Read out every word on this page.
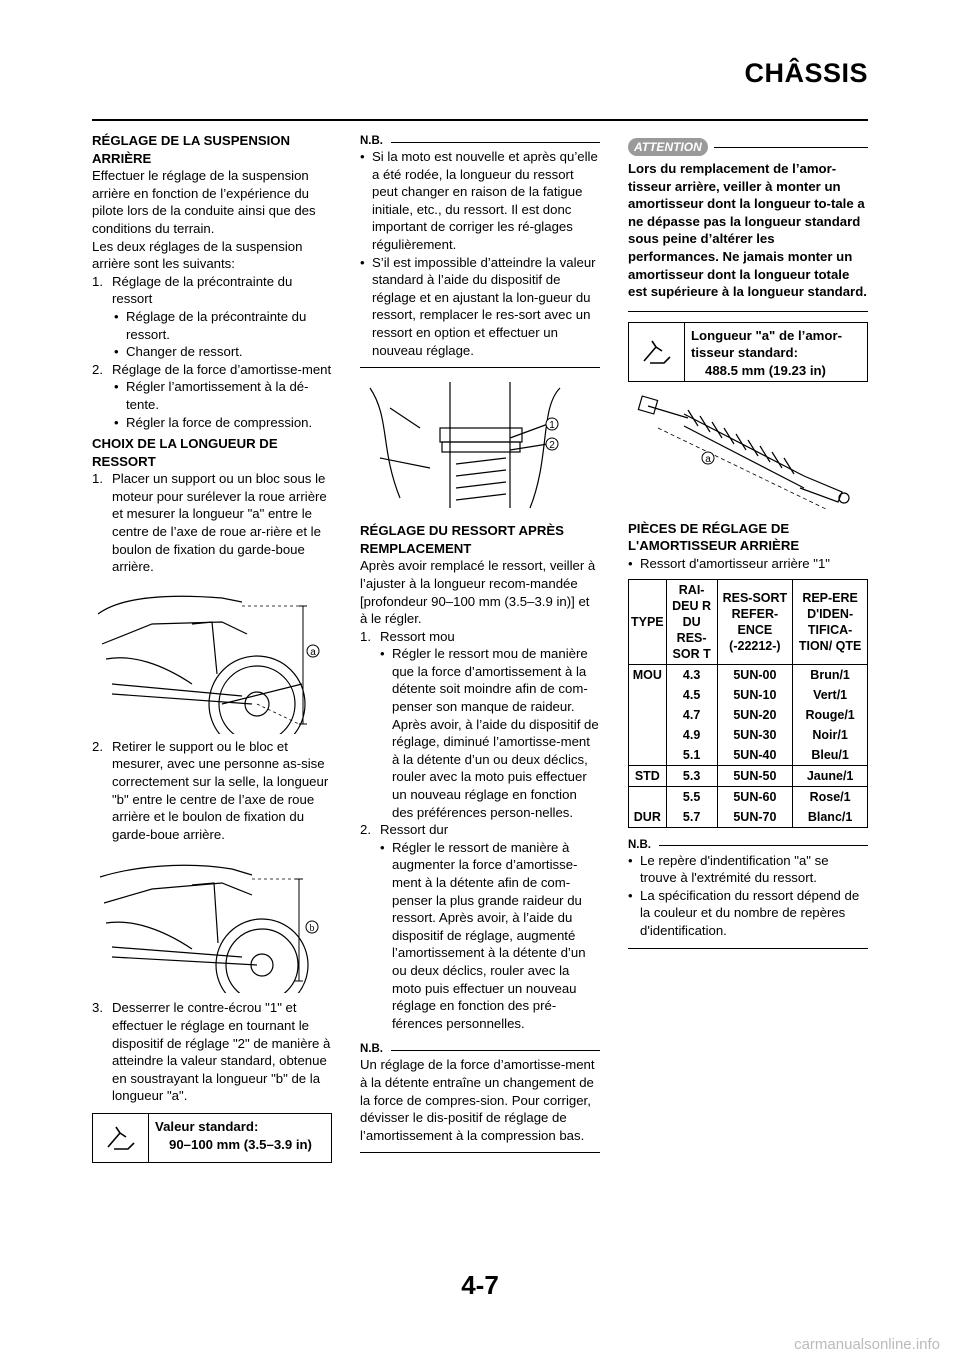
CHÂSSIS
RÉGLAGE DE LA SUSPENSION ARRIÈRE
Effectuer le réglage de la suspension arrière en fonction de l’expérience du pilote lors de la conduite ainsi que des conditions du terrain.
Les deux réglages de la suspension arrière sont les suivants:
1. Réglage de la précontrainte du ressort
• Réglage de la précontrainte du ressort.
• Changer de ressort.
2. Réglage de la force d’amortisse-ment
• Régler l’amortissement à la dé-tente.
• Régler la force de compression.
CHOIX DE LA LONGUEUR DE RESSORT
1. Placer un support ou un bloc sous le moteur pour surélever la roue arrière et mesurer la longueur "a" entre le centre de l’axe de roue ar-rière et le boulon de fixation du garde-boue arrière.
a
2. Retirer le support ou le bloc et mesurer, avec une personne as-sise correctement sur la selle, la longueur "b" entre le centre de l’axe de roue arrière et le boulon de fixation du garde-boue arrière.
b
3. Desserrer le contre-écrou "1" et effectuer le réglage en tournant le dispositif de réglage "2" de manière à atteindre la valeur standard, obtenue en soustrayant la longueur "b" de la longueur "a".
Valeur standard:
90–100 mm (3.5–3.9 in)
N.B.
• Si la moto est nouvelle et après qu’elle a été rodée, la longueur du ressort peut changer en raison de la fatigue initiale, etc., du ressort. Il est donc important de corriger les ré-glages régulièrement.
• S’il est impossible d’atteindre la valeur standard à l’aide du dispositif de réglage et en ajustant la lon-gueur du ressort, remplacer le res-sort avec un ressort en option et effectuer un nouveau réglage.
1
2
RÉGLAGE DU RESSORT APRÈS REMPLACEMENT
Après avoir remplacé le ressort, veiller à l’ajuster à la longueur recom-mandée [profondeur 90–100 mm (3.5–3.9 in)] et à le régler.
1. Ressort mou
• Régler le ressort mou de manière que la force d’amortissement à la détente soit moindre afin de com-penser son manque de raideur. Après avoir, à l’aide du dispositif de réglage, diminué l’amortisse-ment à la détente d’un ou deux déclics, rouler avec la moto puis effectuer un nouveau réglage en fonction des préférences person-nelles.
2. Ressort dur
• Régler le ressort de manière à augmenter la force d’amortisse-ment à la détente afin de com-penser la plus grande raideur du ressort. Après avoir, à l’aide du dispositif de réglage, augmenté l’amortissement à la détente d’un ou deux déclics, rouler avec la moto puis effectuer un nouveau réglage en fonction des pré-férences personnelles.
N.B.
Un réglage de la force d’amortisse-ment à la détente entraîne un changement de la force de compres-sion. Pour corriger, dévisser le dis-positif de réglage de l’amortissement à la compression bas.
ATTENTION
Lors du remplacement de l’amor-tisseur arrière, veiller à monter un amortisseur dont la longueur to-tale a ne dépasse pas la longueur standard sous peine d’altérer les performances. Ne jamais monter un amortisseur dont la longueur totale est supérieure à la longueur standard.
Longueur "a" de l’amor-tisseur standard:
488.5 mm (19.23 in)
a
PIÈCES DE RÉGLAGE DE L'AMORTISSEUR ARRIÈRE
• Ressort d'amortisseur arrière "1"
TYPE	RAI-DEU R DU RES-SOR T	RES-SORT REFER-ENCE (-22212-)	REP-ERE D'IDEN-TIFICA-TION/ QTE
MOU	4.3	5UN-00	Brun/1
	4.5	5UN-10	Vert/1
	4.7	5UN-20	Rouge/1
	4.9	5UN-30	Noir/1
	5.1	5UN-40	Bleu/1
STD	5.3	5UN-50	Jaune/1
	5.5	5UN-60	Rose/1
DUR	5.7	5UN-70	Blanc/1
N.B.
• Le repère d'indentification "a" se trouve à l'extrémité du ressort.
• La spécification du ressort dépend de la couleur et du nombre de repères d'identification.
4-7
carmanualsonline.info
